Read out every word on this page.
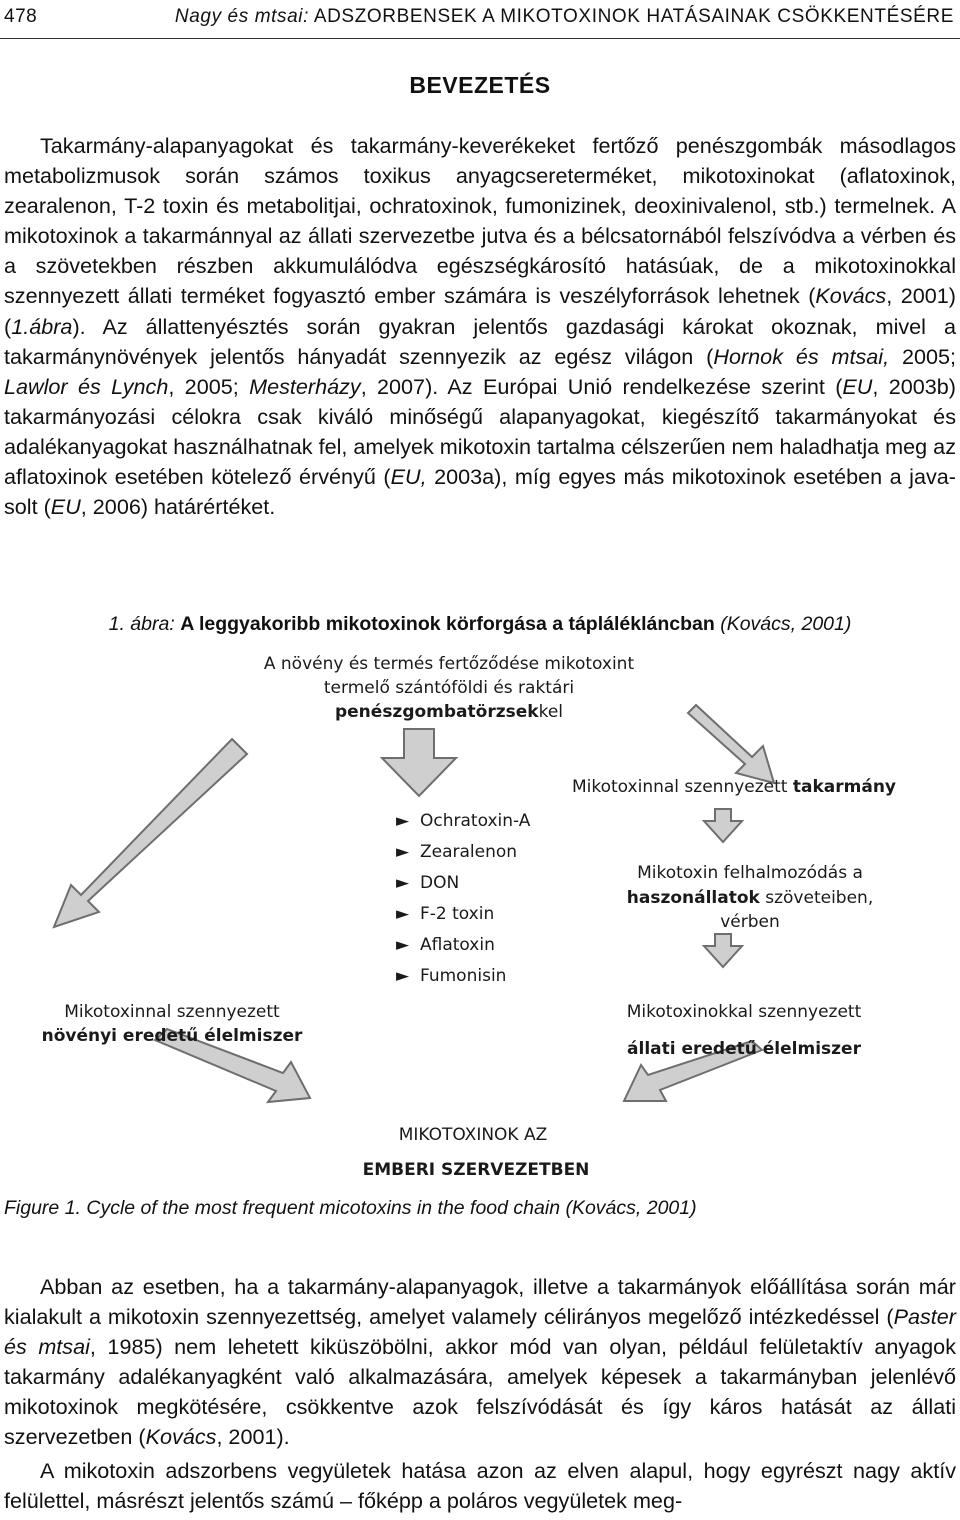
478	Nagy és mtsai: ADSZORBENSEK A MIKOTOXINOK HATÁSAINAK CSÖKKENTÉSÉRE
BEVEZETÉS

Takarmány-alapanyagokat és takarmány-keverékeket fertőző penészgombák másodlagos metabolizmusok során számos toxikus anyagcsereterméket, mikotoxinokat (aflatoxinok, zearalenon, T-2 toxin és metabolitjai, ochratoxinok, fumonizinek, deoxinivalenol, stb.) termelnek. A mikotoxinok a takarmánnyal az állati szervezetbe jutva és a bélcsatornából felszívódva a vérben és a szövetekben részben akkumulálódva egészségkárosító hatásúak, de a mikotoxinokkal szennyezett állati terméket fogyasztó ember számára is veszélyforrások lehetnek (Kovács, 2001) (1.ábra). Az állattenyésztés során gyakran jelentős gazdasági károkat okoznak, mivel a takarmánynövények jelentős hányadát szennyezik az egész világon (Hornok és mtsai, 2005; Lawlor és Lynch, 2005; Mesterházy, 2007). Az Európai Unió rendelkezése szerint (EU, 2003b) takarmányozási célokra csak kiváló minőségű alapanyagokat, kiegészítő takarmányokat és adalékanyagokat használhatnak fel, amelyek mikotoxin tartalma célszerűen nem haladhatja meg az aflatoxinok esetében kötelező érvényű (EU, 2003a), míg egyes más mikotoxinok esetében a javasolt (EU, 2006) határértéket.

1. ábra: A leggyakoribb mikotoxinok körforgása a táplálékláncban (Kovács, 2001)
A növény és termés fertőződése mikotoxint
termelő szántóföldi és raktári
penészgombatörzsekkel
Mikotoxinnal szennyezett takarmány
► Ochratoxin-A
► Zearalenon
► DON
► F-2 toxin
► Aflatoxin
► Fumonisin
Mikotoxin felhalmozódás a
haszonállatok szöveteiben,
vérben
Mikotoxinnal szennyezett
növényi eredetű élelmiszer
Mikotoxinokkal szennyezett
állati eredetű élelmiszer
MIKOTOXINOK AZ
EMBERI SZERVEZETBEN
Figure 1. Cycle of the most frequent micotoxins in the food chain (Kovács, 2001)

Abban az esetben, ha a takarmány-alapanyagok, illetve a takarmányok előállítása során már kialakult a mikotoxin szennyezettség, amelyet valamely célirányos megelőző intézkedéssel (Paster és mtsai, 1985) nem lehetett kiküszöbölni, akkor mód van olyan, például felületaktív anyagok takarmány adalékanyagként való alkalmazására, amelyek képesek a takarmányban jelenlévő mikotoxinok megkötésére, csökkentve azok felszívódását és így káros hatását az állati szervezetben (Kovács, 2001).

A mikotoxin adszorbens vegyületek hatása azon az elven alapul, hogy egyrészt nagy aktív felülettel, másrészt jelentős számú – főképp a poláros vegyületek meg-
